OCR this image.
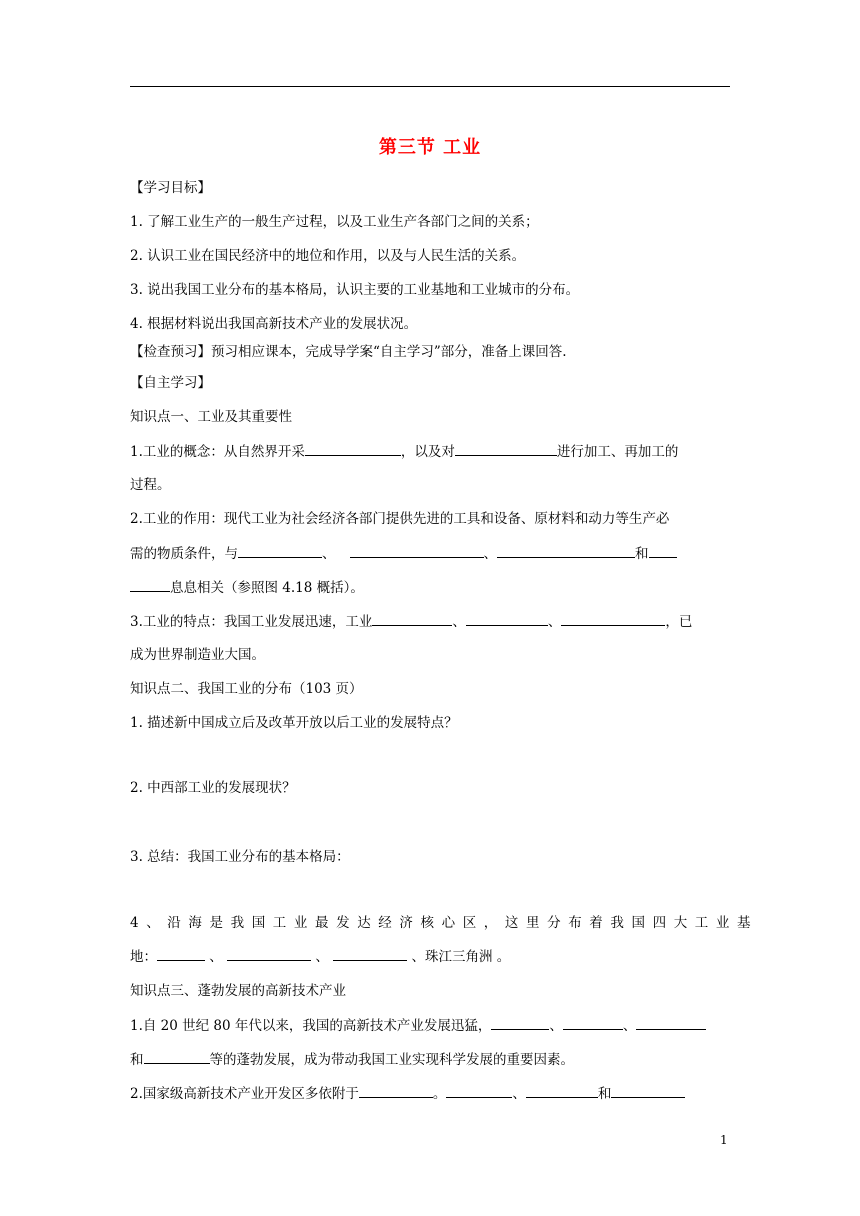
第三节 工业
【学习目标】
1. 了解工业生产的一般生产过程，以及工业生产各部门之间的关系；
2. 认识工业在国民经济中的地位和作用，以及与人民生活的关系。
3. 说出我国工业分布的基本格局，认识主要的工业基地和工业城市的分布。
4. 根据材料说出我国高新技术产业的发展状况。
【检查预习】预习相应课本，完成导学案“自主学习”部分，准备上课回答.
【自主学习】
知识点一、工业及其重要性
1.工业的概念：从自然界开采	，以及对	进行加工、再加工的
过程。
2.工业的作用：现代工业为社会经济各部门提供先进的工具和设备、原材料和动力等生产必
需的物质条件，与	、	、	和
息息相关（参照图 4.18 概括）。
3.工业的特点：我国工业发展迅速，工业	、	、	，已
成为世界制造业大国。
知识点二、我国工业的分布（103 页）
1. 描述新中国成立后及改革开放以后工业的发展特点？
2. 中西部工业的发展现状？
3. 总结：我国工业分布的基本格局：
4、沿海是我国工业最发达经济核心区，这里分布着我国四大工业基
地：	、	、	、珠江三角洲 。
知识点三、蓬勃发展的高新技术产业
1.自 20 世纪 80 年代以来，我国的高新技术产业发展迅猛，	、	、
和	等的蓬勃发展，成为带动我国工业实现科学发展的重要因素。
2.国家级高新技术产业开发区多依附于	。	、	和
1
